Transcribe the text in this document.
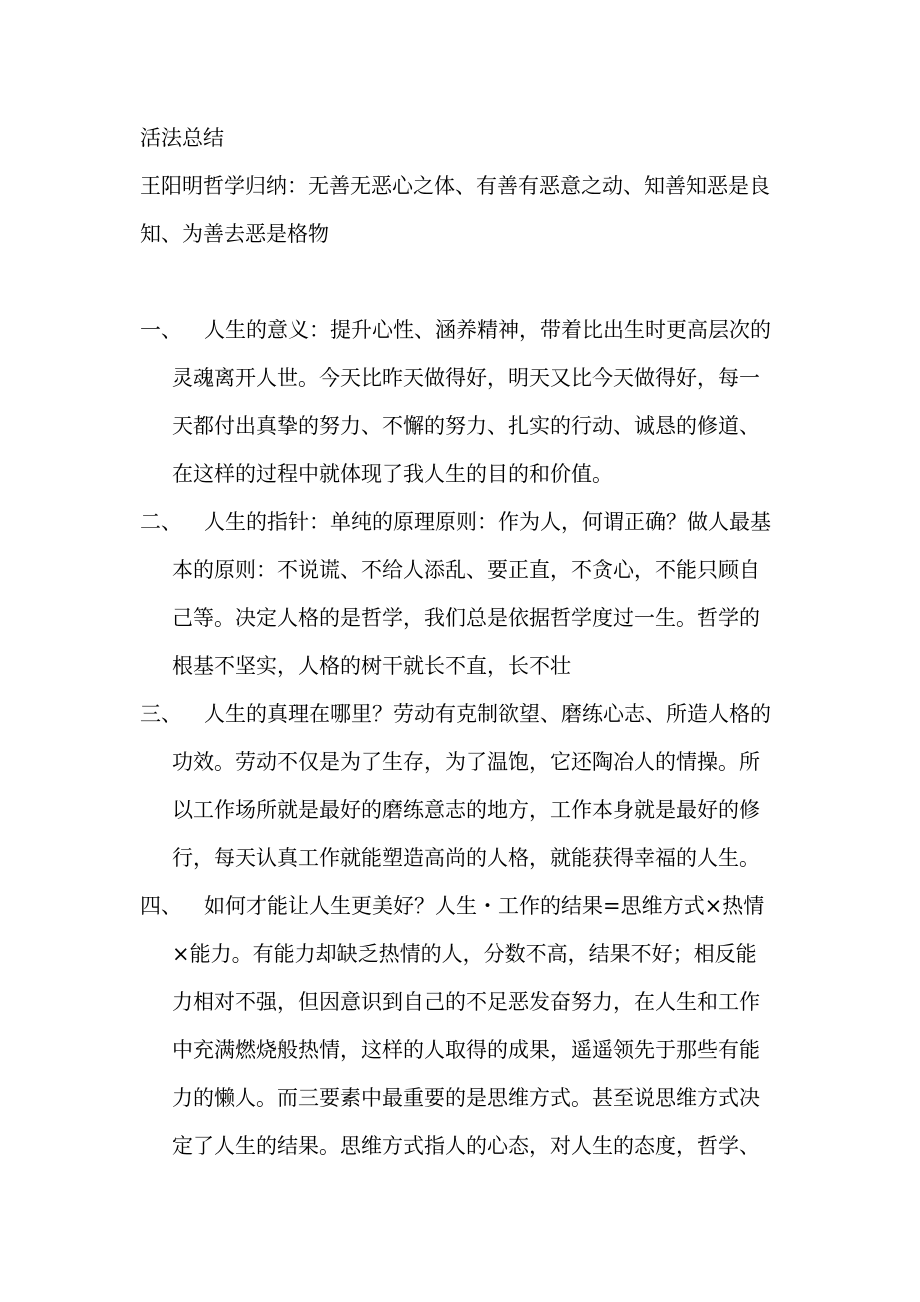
活法总结
王阳明哲学归纳：无善无恶心之体、有善有恶意之动、知善知恶是良
知、为善去恶是格物
一、 人生的意义：提升心性、涵养精神，带着比出生时更高层次的
灵魂离开人世。今天比昨天做得好，明天又比今天做得好，每一
天都付出真挚的努力、不懈的努力、扎实的行动、诚恳的修道、
在这样的过程中就体现了我人生的目的和价值。
二、 人生的指针：单纯的原理原则：作为人，何谓正确？做人最基
本的原则：不说谎、不给人添乱、要正直，不贪心，不能只顾自
己等。决定人格的是哲学，我们总是依据哲学度过一生。哲学的
根基不坚实，人格的树干就长不直，长不壮
三、 人生的真理在哪里？劳动有克制欲望、磨练心志、所造人格的
功效。劳动不仅是为了生存，为了温饱，它还陶冶人的情操。所
以工作场所就是最好的磨练意志的地方，工作本身就是最好的修
行，每天认真工作就能塑造高尚的人格，就能获得幸福的人生。
四、 如何才能让人生更美好？人生・工作的结果=思维方式×热情
×能力。有能力却缺乏热情的人，分数不高，结果不好；相反能
力相对不强，但因意识到自己的不足恶发奋努力，在人生和工作
中充满燃烧般热情，这样的人取得的成果，遥遥领先于那些有能
力的懒人。而三要素中最重要的是思维方式。甚至说思维方式决
定了人生的结果。思维方式指人的心态，对人生的态度，哲学、
